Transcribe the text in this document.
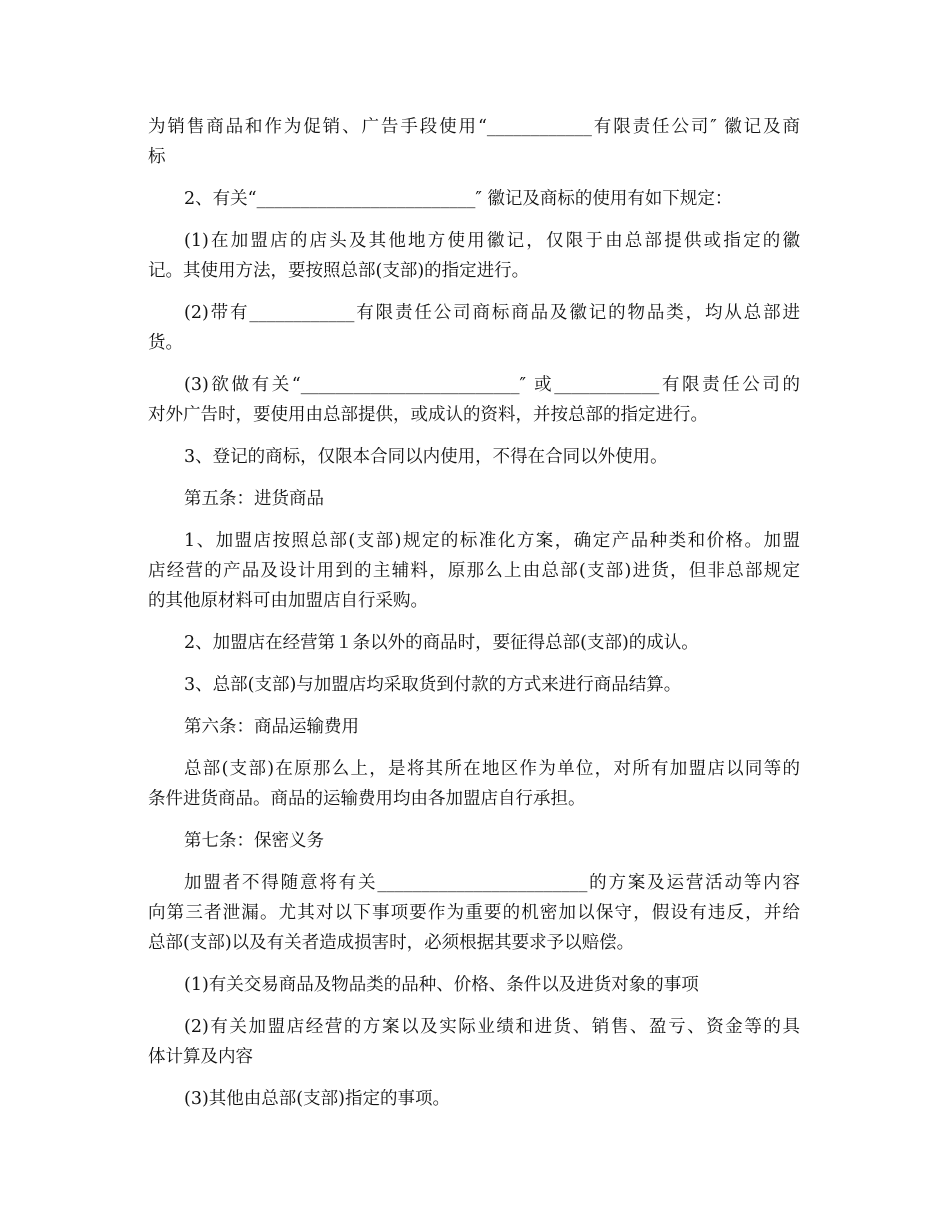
为销售商品和作为促销、广告手段使用“____________有限责任公司″ 徽记及商
标
2、有关“_________________________″ 徽记及商标的使用有如下规定：
(1)在加盟店的店头及其他地方使用徽记，仅限于由总部提供或指定的徽
记。其使用方法，要按照总部(支部)的指定进行。
(2)带有____________有限责任公司商标商品及徽记的物品类，均从总部进
货。
(3)欲做有关“_________________________″ 或____________有限责任公司的
对外广告时，要使用由总部提供，或成认的资料，并按总部的指定进行。
3、登记的商标，仅限本合同以内使用，不得在合同以外使用。
第五条：进货商品
1、加盟店按照总部(支部)规定的标准化方案，确定产品种类和价格。加盟
店经营的产品及设计用到的主辅料，原那么上由总部(支部)进货，但非总部规定
的其他原材料可由加盟店自行采购。
2、加盟店在经营第１条以外的商品时，要征得总部(支部)的成认。
3、总部(支部)与加盟店均采取货到付款的方式来进行商品结算。
第六条：商品运输费用
总部(支部)在原那么上，是将其所在地区作为单位，对所有加盟店以同等的
条件进货商品。商品的运输费用均由各加盟店自行承担。
第七条：保密义务
加盟者不得随意将有关________________________的方案及运营活动等内容
向第三者泄漏。尤其对以下事项要作为重要的机密加以保守，假设有违反，并给
总部(支部)以及有关者造成损害时，必须根据其要求予以赔偿。
(1)有关交易商品及物品类的品种、价格、条件以及进货对象的事项
(2)有关加盟店经营的方案以及实际业绩和进货、销售、盈亏、资金等的具
体计算及内容
(3)其他由总部(支部)指定的事项。
